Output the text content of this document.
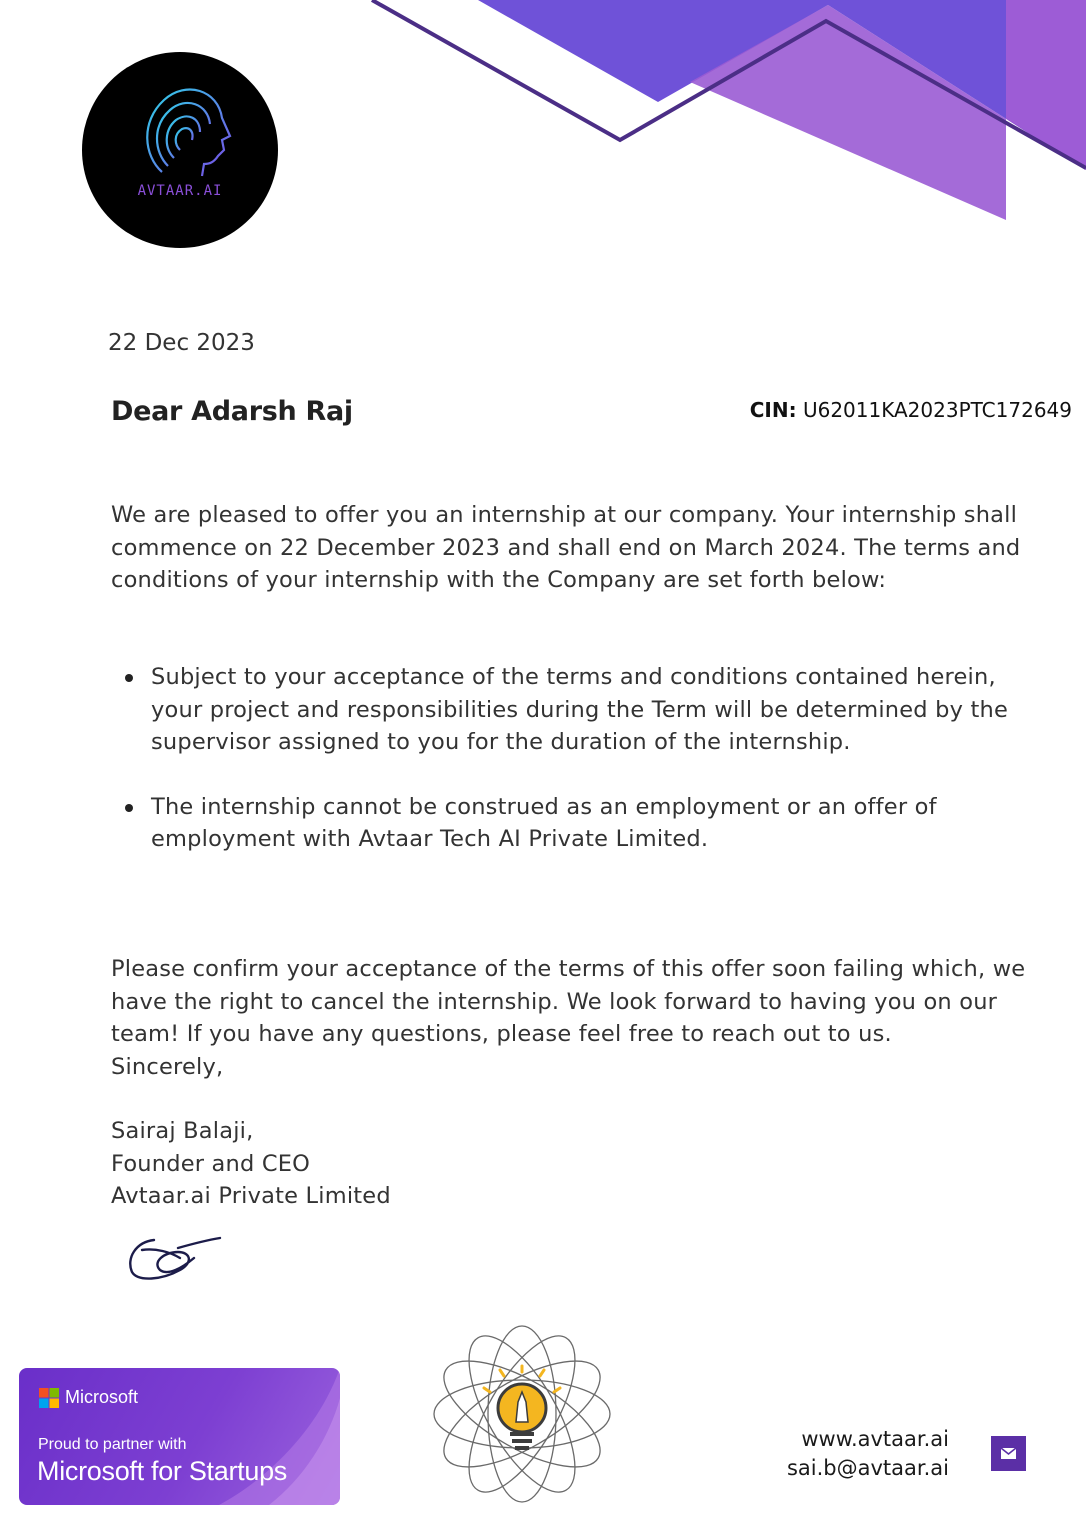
AVTAAR.AI
22 Dec 2023
Dear Adarsh Raj	CIN: U62011KA2023PTC172649
We are pleased to offer you an internship at our company. Your internship shall commence on 22 December 2023 and shall end on March 2024. The terms and conditions of your internship with the Company are set forth below:
Subject to your acceptance of the terms and conditions contained herein, your project and responsibilities during the Term will be determined by the supervisor assigned to you for the duration of the internship.
The internship cannot be construed as an employment or an offer of employment with Avtaar Tech AI Private Limited.
Please confirm your acceptance of the terms of this offer soon failing which, we have the right to cancel the internship. We look forward to having you on our team! If you have any questions, please feel free to reach out to us.
Sincerely,
Sairaj Balaji,
Founder and CEO
Avtaar.ai Private Limited
Microsoft
Proud to partner with
Microsoft for Startups
www.avtaar.ai
sai.b@avtaar.ai
